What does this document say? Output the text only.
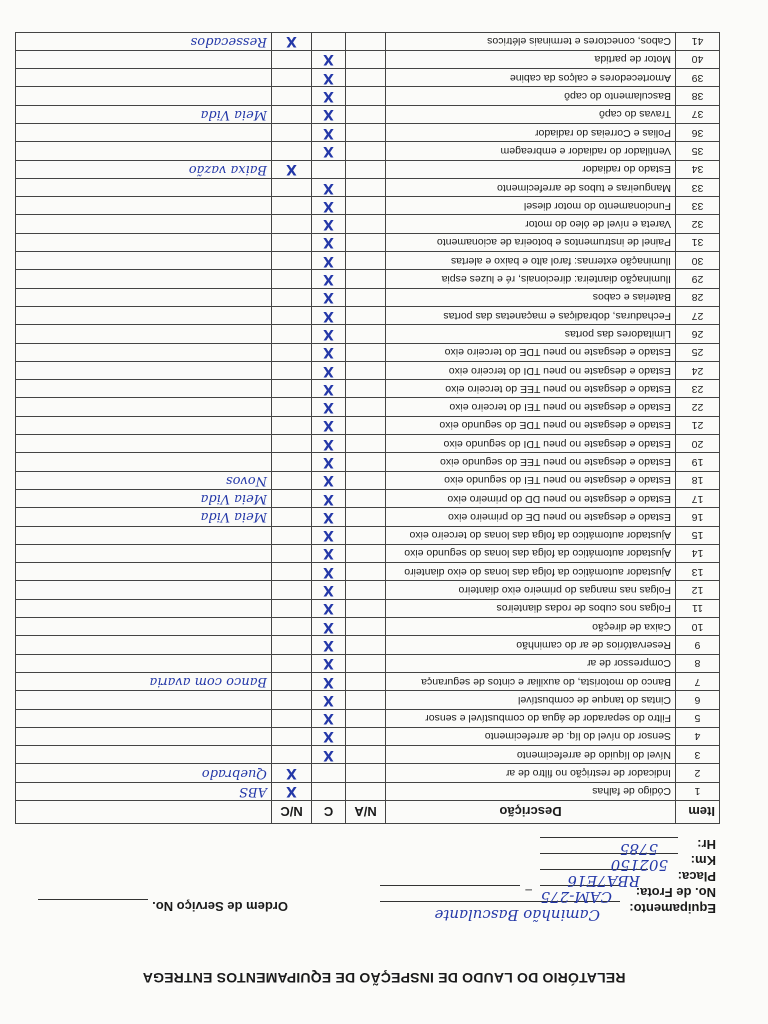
RELATÓRIO DO LAUDO DE INSPEÇÃO DE EQUIPAMENTOS ENTREGA
Equipamento:
Caminhão Basculante
Ordem de Serviço No.
No. de Frota:
– CAM-275
Placa:
RBA7E16
Km:
502150
Hr:
5785
Item	Descrição	N/A	C	N/C	
1	Código de falhas			X	ABS
2	Indicador de restrição no filtro de ar			X	Quebrado
3	Nível do líquido de arrefecimento		X		
4	Sensor do nível do líq. de arrefecimento		X		
5	Filtro do separador de água do combustível e sensor		X		
6	Cintas do tanque de combustível		X		
7	Banco do motorista, do auxiliar e cintos de segurança		X		Banco com avaria
8	Compressor de ar		X		
9	Reservatórios de ar do caminhão		X		
10	Caixa de direção		X		
11	Folgas nos cubos de rodas dianteiros		X		
12	Folgas nas mangas do primeiro eixo dianteiro		X		
13	Ajustador automático da folga das lonas do eixo dianteiro		X		
14	Ajustador automático da folga das lonas do segundo eixo		X		
15	Ajustador automático da folga das lonas do terceiro eixo		X		
16	Estado e desgaste no pneu DE do primeiro eixo		X		Meia Vida
17	Estado e desgaste no pneu DD do primeiro eixo		X		Meia Vida
18	Estado e desgaste no pneu TEI do segundo eixo		X		Novos
19	Estado e desgaste no pneu TEE do segundo eixo		X		
20	Estado e desgaste no pneu TDI do segundo eixo		X		
21	Estado e desgaste no pneu TDE do segundo eixo		X		
22	Estado e desgaste no pneu TEI do terceiro eixo		X		
23	Estado e desgaste no pneu TEE do terceiro eixo		X		
24	Estado e desgaste no pneu TDI do terceiro eixo		X		
25	Estado e desgaste no pneu TDE do terceiro eixo		X		
26	Limitadores das portas		X		
27	Fechaduras, dobradiças e maçanetas das portas		X		
28	Baterias e cabos		X		
29	Iluminação dianteira: direcionais, ré e luzes espia		X		
30	Iluminação externas: farol alto e baixo e alertas		X		
31	Painel de instrumentos e botoeira de acionamento		X		
32	Vareta e nível de óleo do motor		X		
33	Funcionamento do motor diesel		X		
33	Mangueiras e tubos de arrefecimento		X		
34	Estado do radiador			X	Baixa vazão
35	Ventilador do radiador e embreagem		X		
36	Polias e Correias do radiador		X		
37	Travas do capô		X		Meia Vida
38	Basculamento do capô		X		
39	Amortecedores e calços da cabine		X		
40	Motor de partida		X		
41	Cabos, conectores e terminais elétricos			X	Ressecados
